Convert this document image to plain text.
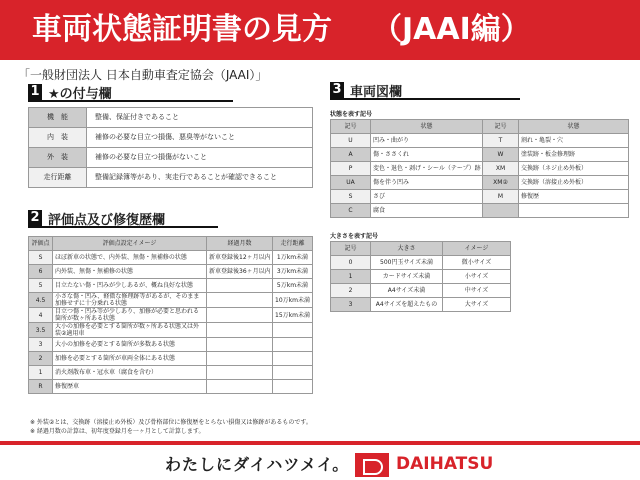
車両状態証明書の見方 （JAAI編）
「一般財団法人 日本自動車査定協会（JAAI）」
1 ★の付与欄
機　能	整備、保証付きであること
内　装	補修の必要な目立つ損傷、悪臭等がないこと
外　装	補修の必要な目立つ損傷がないこと
走行距離	整備記録簿等があり、実走行であることが確認できること
2 評価点及び修復歴欄
評価点	評価点設定イメージ	経過月数	走行距離
S	ほぼ新車の状態で、内外装、無傷・無補修の状態	新車登録後12ヶ月以内	1万km未満
6	内外装、無傷・無補修の状態	新車登録後36ヶ月以内	3万km未満
5	目立たない傷・凹みが少しあるが、概ね良好な状態		5万km未満
4.5	小さな傷・凹み、軽微な修理跡等があるが、そのまま加修せずに十分乗れる状態		10万km未満
4	目立つ傷・凹み等が少しあり、加修が必要と思われる箇所が数ヶ所ある状態		15万km未満
3.5	大小の加修を必要とする箇所が数ヶ所ある状態又は外装②適用車		
3	大小の加修を必要とする箇所が多数ある状態		
2	加修を必要とする箇所が車両全体にある状態		
1	消火剤散布車・冠水車（腐食を含む）		
R	修復歴車		
3 車両図欄
状態を表す記号
記号	状態	記号	状態
U	凹み・曲がり	T	割れ・亀裂・穴
A	傷・ささくれ	W	塗装跡・板金修理跡
P	変色・退色・剥げ・シール（テープ）跡	XM	交換跡（ネジ止め外板）
UA	傷を伴う凹み	XM②	交換跡（溶接止め外板）
S	さび	M	修復歴
C	腐食		
大きさを表す記号
記号	大きさ	イメージ
0	500円玉サイズ未満	微小サイズ
1	カードサイズ未満	小サイズ
2	A4サイズ未満	中サイズ
3	A4サイズを超えたもの	大サイズ
※ 外装②とは、交換跡（溶接止め外板）及び骨格部位に修復歴をとらない損傷又は修跡があるものです。
※ 経過月数の計算は、初年度登録月を一ヶ月として計算します。
わたしにダイハツメイ。	DAIHATSU
